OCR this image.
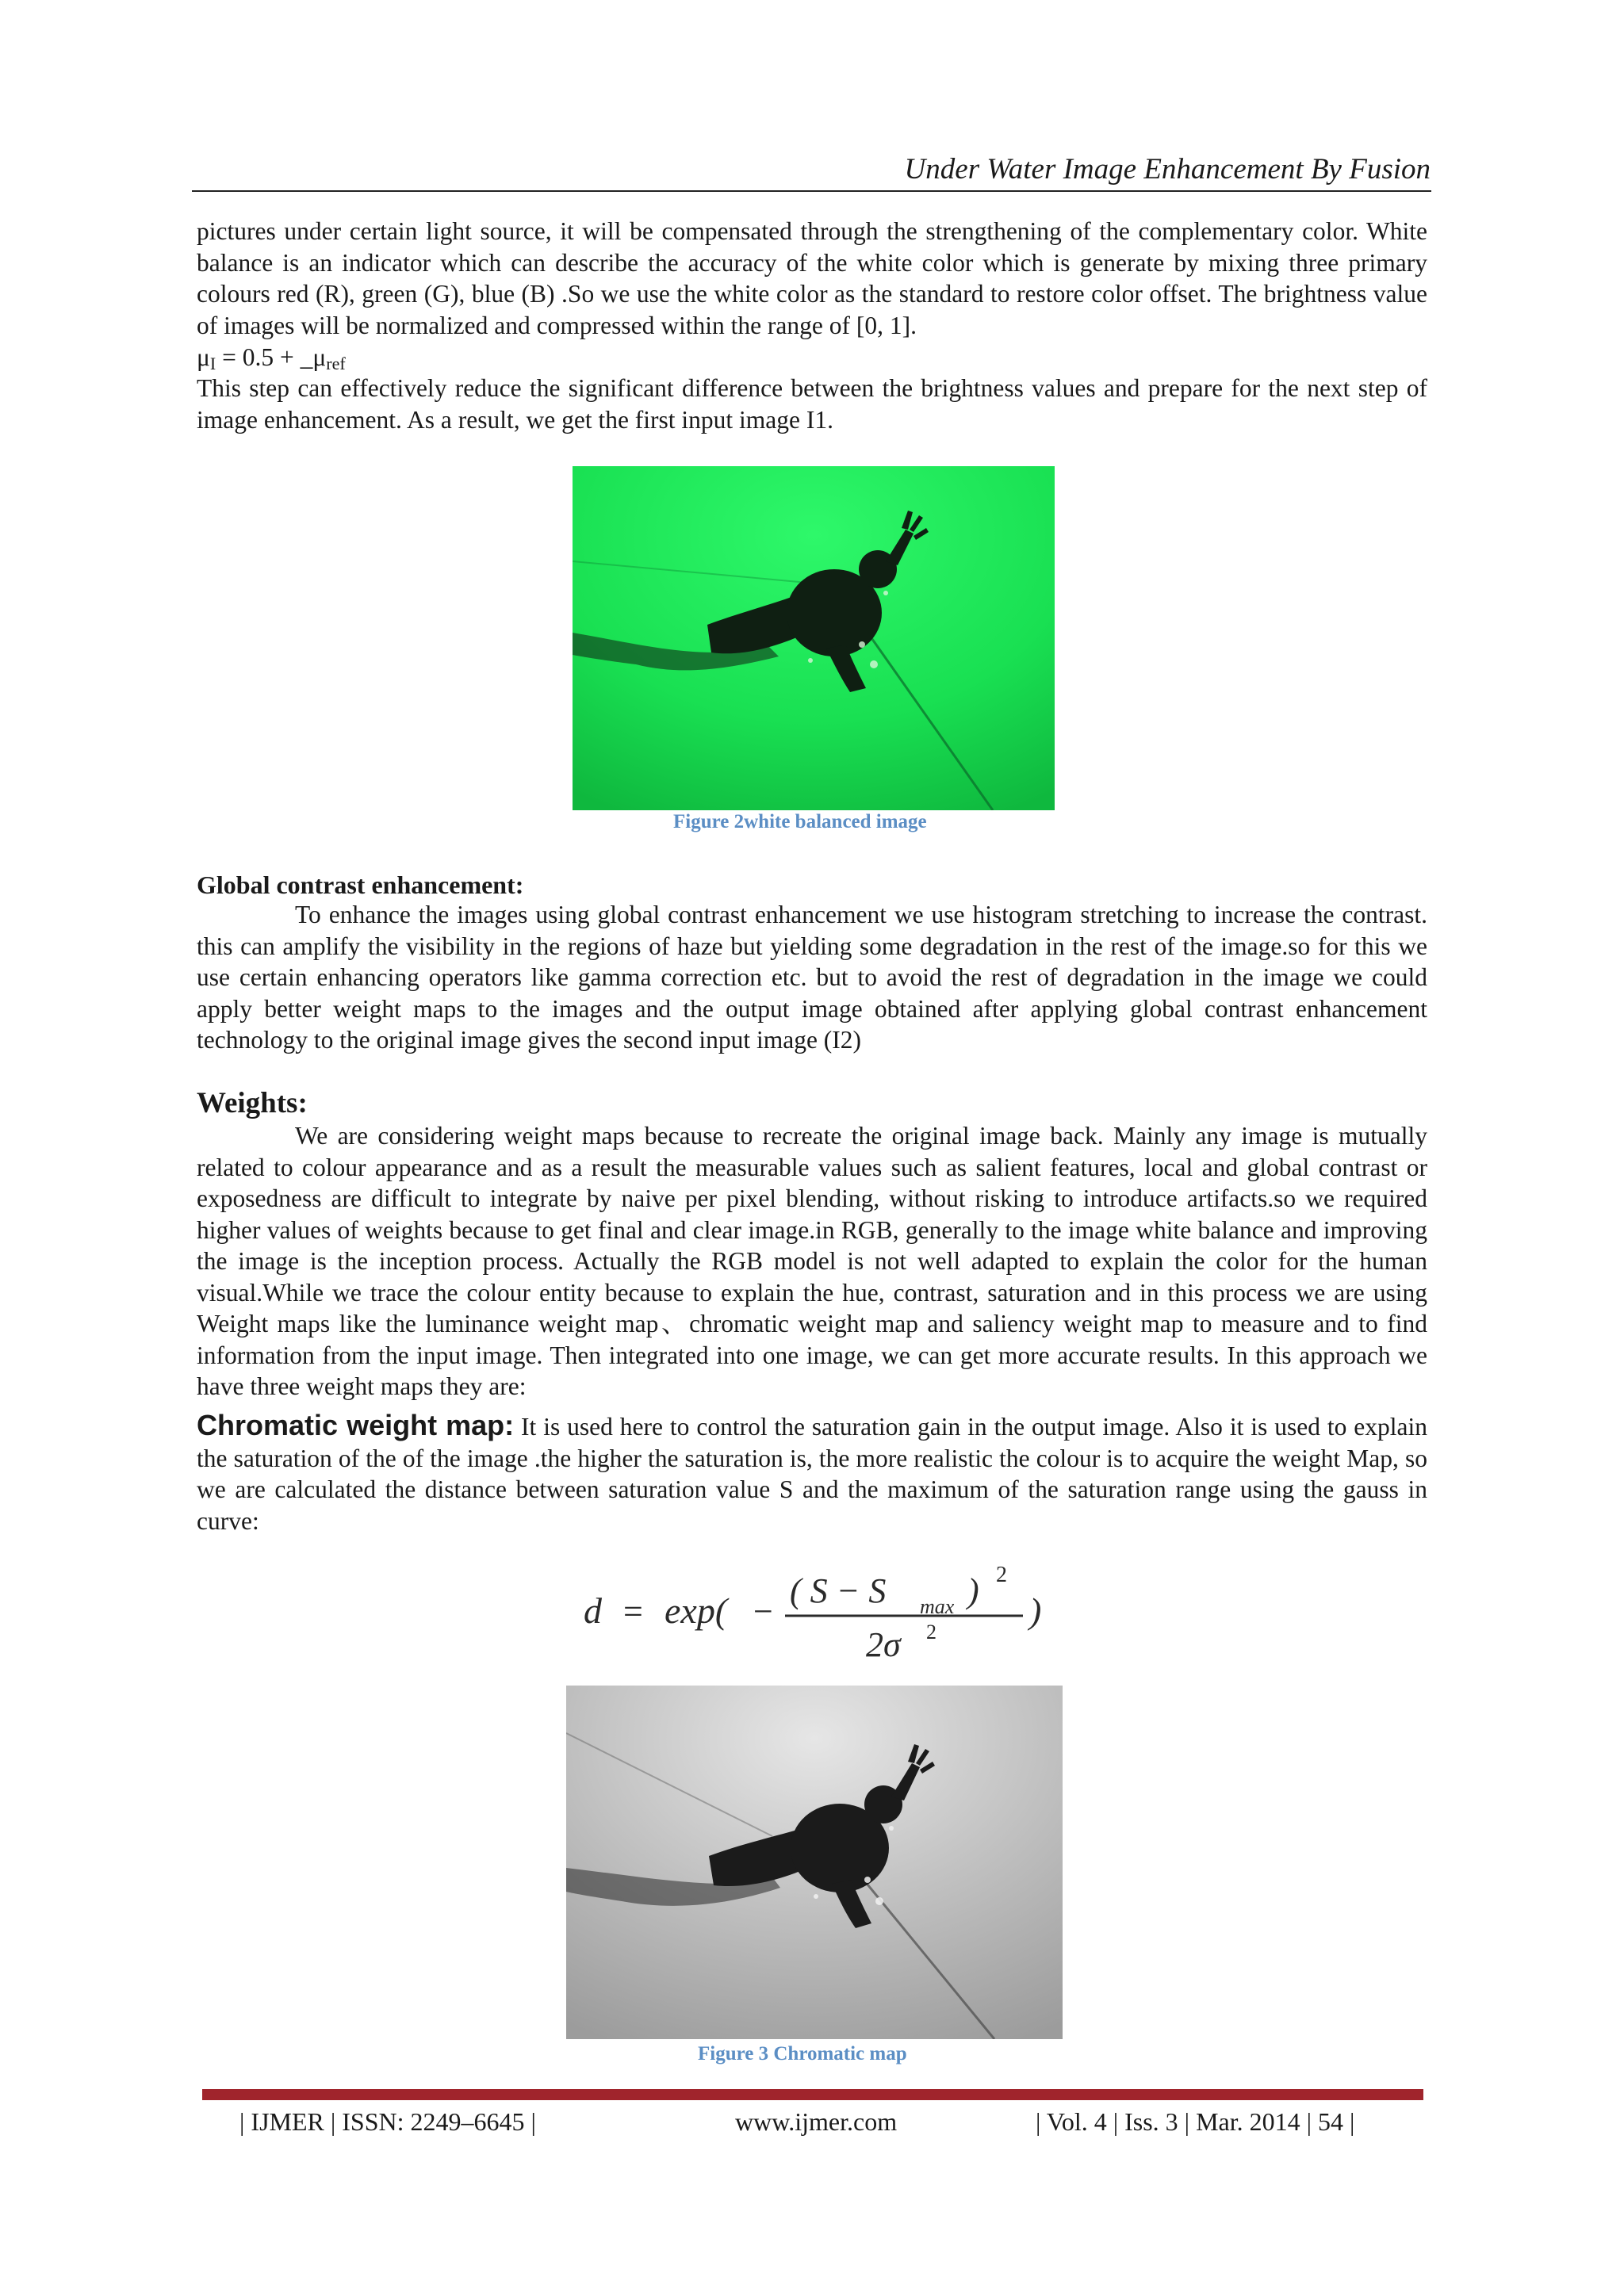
Under Water Image Enhancement By Fusion

pictures under certain light source, it will be compensated through the strengthening of the complementary color. White balance is an indicator which can describe the accuracy of the white color which is generate by mixing three primary colours red (R), green (G), blue (B) .So we use the white color as the standard to restore color offset. The brightness value of images will be normalized and compressed within the range of [0, 1].

$\mu_I = 0.5$ + $\_\mu_{ref}$

This step can effectively reduce the significant difference between the brightness values and prepare for the next step of image enhancement. As a result, we get the first input image I1.

Figure 2white balanced image
Global contrast enhancement:

To enhance the images using global contrast enhancement we use histogram stretching to increase the contrast. this can amplify the visibility in the regions of haze but yielding some degradation in the rest of the image.so for this we use certain enhancing operators like gamma correction etc. but to avoid the rest of degradation in the image we could apply better weight maps to the images and the output image obtained after applying global contrast enhancement technology to the original image gives the second input image (I2)

Weights:

We are considering weight maps because to recreate the original image back. Mainly any image is mutually related to colour appearance and as a result the measurable values such as salient features, local and global contrast or exposedness are difficult to integrate by naive per pixel blending, without risking to introduce artifacts.so we required higher values of weights because to get final and clear image.in RGB, generally to the image white balance and improving the image is the inception process. Actually the RGB model is not well adapted to explain the color for the human visual.While we trace the colour entity because to explain the hue, contrast, saturation and in this process we are using Weight maps like the luminance weight map、chromatic weight map and saliency weight map to measure and to find information from the input image. Then integrated into one image, we can get more accurate results. In this approach we have three weight maps they are:

Chromatic weight map: It is used here to control the saturation gain in the output image. Also it is used to explain the saturation of the of the image .the higher the saturation is, the more realistic the colour is to acquire the weight Map, so we are calculated the distance between saturation value S and the maximum of the saturation range using the gauss in curve:

d = exp( −
( S − S max ) 2
2σ 2
)
Figure 3 Chromatic map
| IJMER | ISSN: 2249–6645 |	www.ijmer.com	| Vol. 4 | Iss. 3 | Mar. 2014 | 54 |
